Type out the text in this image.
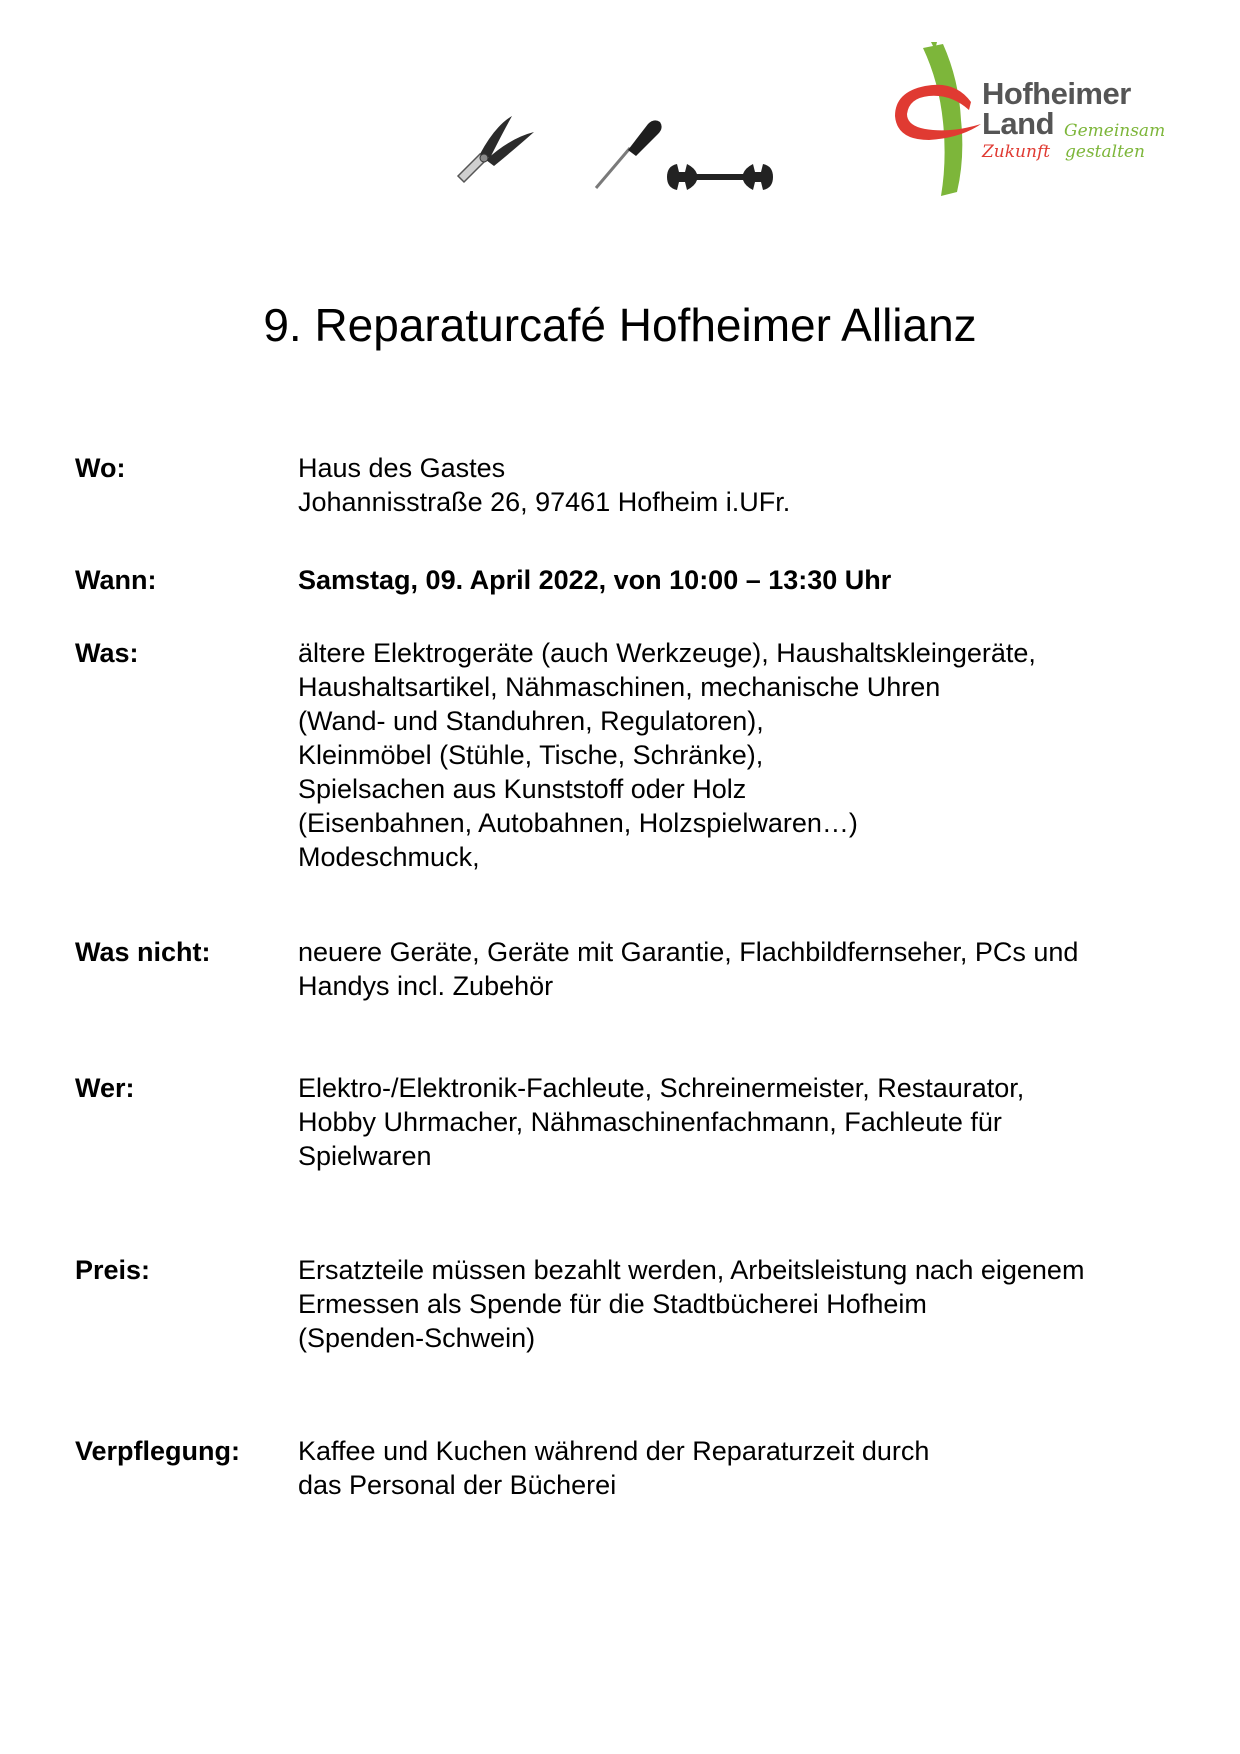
Hofheimer
Land Gemeinsam
Zukunft gestalten
9. Reparaturcafé Hofheimer Allianz
Wo:	Haus des Gastes
Johannisstraße 26, 97461 Hofheim i.UFr.
Wann:	Samstag, 09. April 2022, von 10:00 – 13:30 Uhr
Was:	ältere Elektrogeräte (auch Werkzeuge), Haushaltskleingeräte,
Haushaltsartikel, Nähmaschinen, mechanische Uhren
(Wand- und Standuhren, Regulatoren),
Kleinmöbel (Stühle, Tische, Schränke),
Spielsachen aus Kunststoff oder Holz
(Eisenbahnen, Autobahnen, Holzspielwaren…)
Modeschmuck,
Was nicht:	neuere Geräte, Geräte mit Garantie, Flachbildfernseher, PCs und
Handys incl. Zubehör
Wer:	Elektro-/Elektronik-Fachleute, Schreinermeister, Restaurator,
Hobby Uhrmacher, Nähmaschinenfachmann, Fachleute für
Spielwaren
Preis:	Ersatzteile müssen bezahlt werden, Arbeitsleistung nach eigenem
Ermessen als Spende für die Stadtbücherei Hofheim
(Spenden-Schwein)
Verpflegung:	Kaffee und Kuchen während der Reparaturzeit durch
das Personal der Bücherei
